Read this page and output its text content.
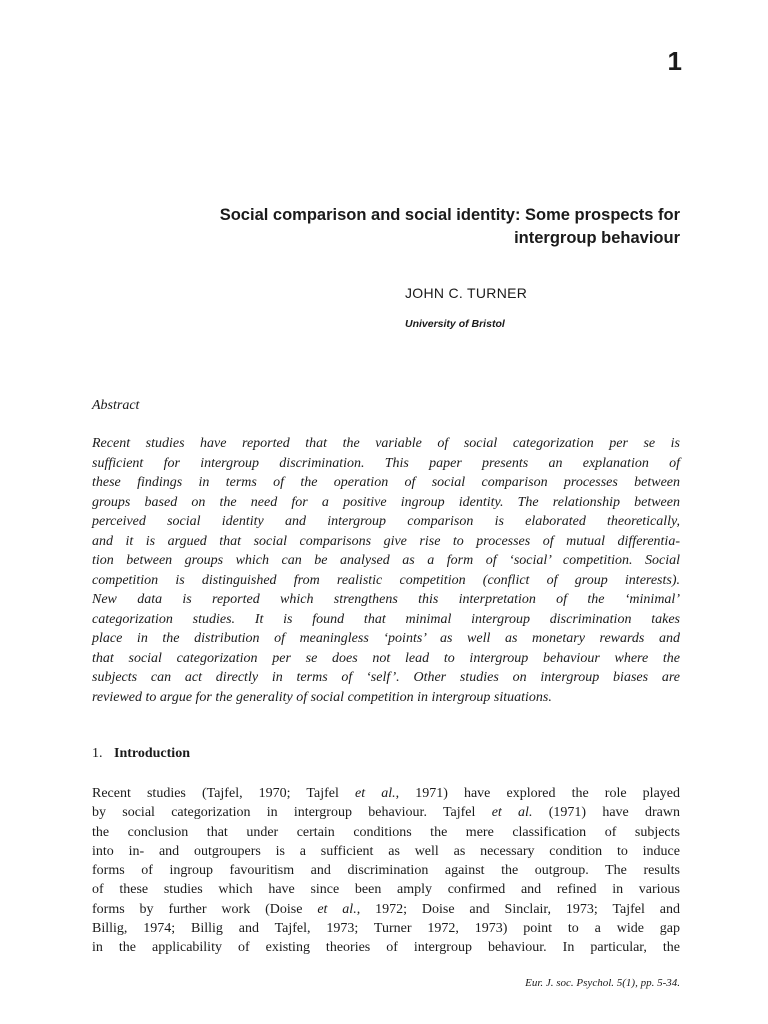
1
Social comparison and social identity: Some prospects for
intergroup behaviour
JOHN C. TURNER
University of Bristol
Abstract
Recent studies have reported that the variable of social categorization per se is
sufficient for intergroup discrimination. This paper presents an explanation of
these findings in terms of the operation of social comparison processes between
groups based on the need for a positive ingroup identity. The relationship between
perceived social identity and intergroup comparison is elaborated theoretically,
and it is argued that social comparisons give rise to processes of mutual differentia-
tion between groups which can be analysed as a form of ‘social’ competition. Social
competition is distinguished from realistic competition (conflict of group interests).
New data is reported which strengthens this interpretation of the ‘minimal’
categorization studies. It is found that minimal intergroup discrimination takes
place in the distribution of meaningless ‘points’ as well as monetary rewards and
that social categorization per se does not lead to intergroup behaviour where the
subjects can act directly in terms of ‘self’. Other studies on intergroup biases are
reviewed to argue for the generality of social competition in intergroup situations.
1. Introduction
Recent studies (Tajfel, 1970; Tajfel et al., 1971) have explored the role played
by social categorization in intergroup behaviour. Tajfel et al. (1971) have drawn
the conclusion that under certain conditions the mere classification of subjects
into in- and outgroupers is a sufficient as well as necessary condition to induce
forms of ingroup favouritism and discrimination against the outgroup. The results
of these studies which have since been amply confirmed and refined in various
forms by further work (Doise et al., 1972; Doise and Sinclair, 1973; Tajfel and
Billig, 1974; Billig and Tajfel, 1973; Turner 1972, 1973) point to a wide gap
in the applicability of existing theories of intergroup behaviour. In particular, the
Eur. J. soc. Psychol. 5(1), pp. 5-34.
